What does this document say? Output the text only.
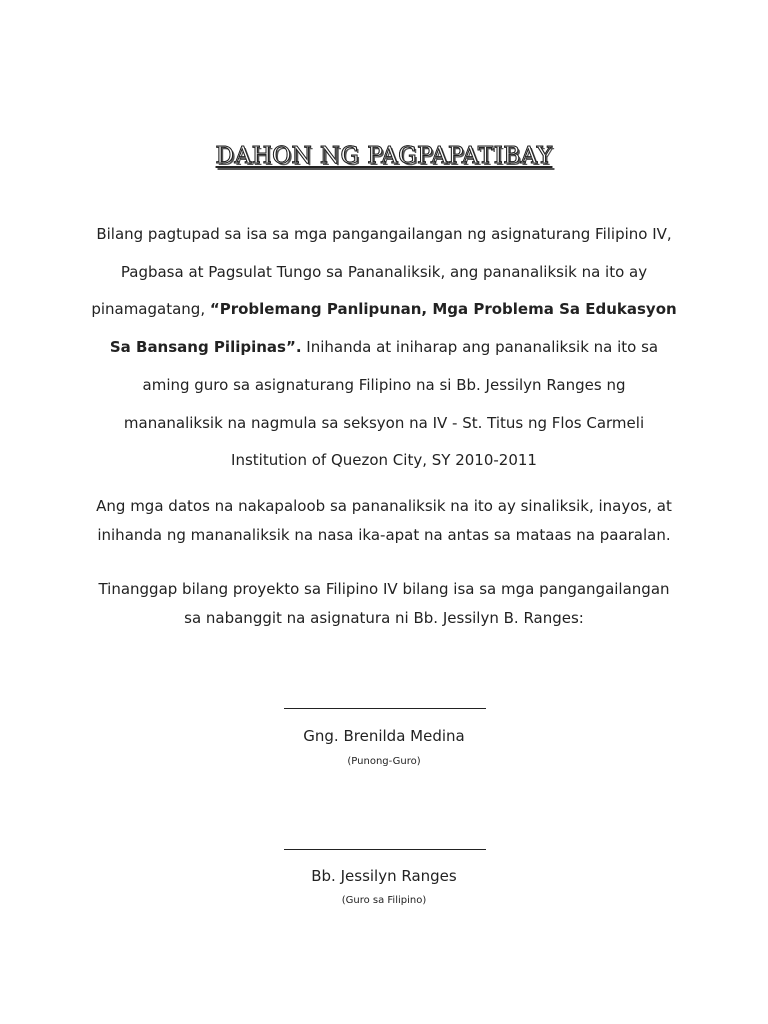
DAHON NG PAGPAPATIBAY
Bilang pagtupad sa isa sa mga pangangailangan ng asignaturang Filipino IV,
Pagbasa at Pagsulat Tungo sa Pananaliksik, ang pananaliksik na ito ay
pinamagatang, “Problemang Panlipunan, Mga Problema Sa Edukasyon
Sa Bansang Pilipinas”. Inihanda at iniharap ang pananaliksik na ito sa
aming guro sa asignaturang Filipino na si Bb. Jessilyn Ranges ng
mananaliksik na nagmula sa seksyon na IV - St. Titus ng Flos Carmeli
Institution of Quezon City, SY 2010-2011
Ang mga datos na nakapaloob sa pananaliksik na ito ay sinaliksik, inayos, at
inihanda ng mananaliksik na nasa ika-apat na antas sa mataas na paaralan.
Tinanggap bilang proyekto sa Filipino IV bilang isa sa mga pangangailangan
sa nabanggit na asignatura ni Bb. Jessilyn B. Ranges:
Gng. Brenilda Medina
(Punong-Guro)
Bb. Jessilyn Ranges
(Guro sa Filipino)
